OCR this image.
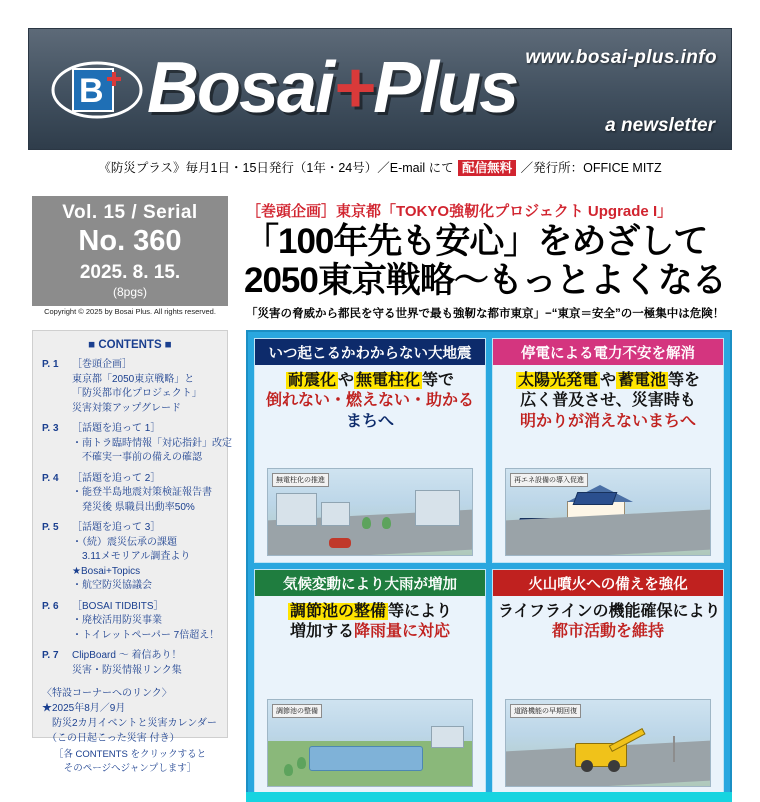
B
www.bosai-plus.info
Bosai+Plus	a newsletter
《防災プラス》毎月1日・15日発行（1年・24号）／E-mail にて 配信無料 ／発行所：OFFICE MITZ
Vol. 15 / Serial
No. 360
2025. 8. 15.
(8pgs)
Copyright © 2025 by Bosai Plus. All rights reserved.
■ CONTENTS ■
P. 1	［巻頭企画］
東京都「2050東京戦略」と
「防災都市化プロジェクト」
災害対策アップグレード
P. 3	［話題を追って 1］
・南トラ臨時情報「対応指針」改定
　不確実一事前の備えの確認
P. 4	［話題を追って 2］
・能登半島地震対策検証報告書
　発災後 県職員出動率50%
P. 5	［話題を追って 3］
・（続）震災伝承の課題
　3.11メモリアル調査より
★Bosai+Topics
・航空防災協議会
P. 6	［BOSAI TIDBITS］
・廃校活用防災事業
・トイレットペーパー 7倍超え！
P. 7	ClipBoard 〜 着信あり！
災害・防災情報リンク集
〈特設コーナーへのリンク〉
★2025年8月／9月
　防災2カ月イベントと災害カレンダー
　（この日起こった災害 付き）
［各 CONTENTS をクリックすると
そのページへジャンプします］
［巻頭企画］東京都「TOKYO強靭化プロジェクト Upgrade I」
「100年先も安心」をめざして
2050東京戦略〜もっとよくなる
「災害の脅威から都民を守る世界で最も強靭な都市東京」−“東京＝安全”の一極集中は危険！
いつ起こるかわからない大地震
耐震化 や 無電柱化 等で
倒れない・燃えない・助かる
まちへ
無電柱化の推進
停電による電力不安を解消
太陽光発電 や 蓄電池 等を
広く普及させ、災害時も
明かりが消えないまちへ
再エネ設備の導入促進
気候変動により大雨が増加
調節池の整備 等により
増加する降雨量に対応
調節池の整備
火山噴火への備えを強化
ライフラインの機能確保により
都市活動を維持
道路機能の早期回復
